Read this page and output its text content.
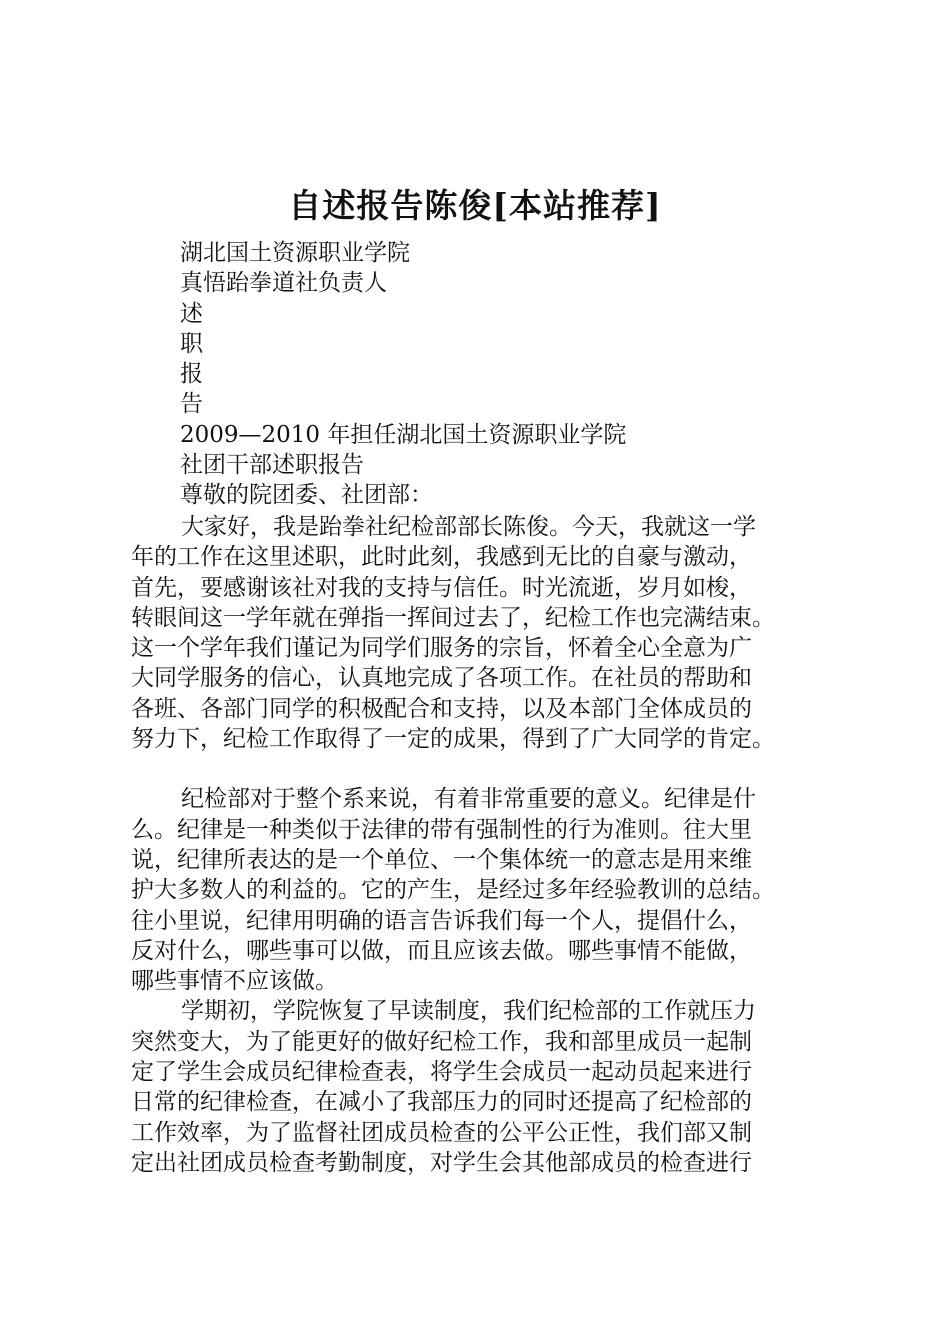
自述报告陈俊[本站推荐]
湖北国土资源职业学院
真悟跆拳道社负责人
述
职
报
告
2009—2010 年担任湖北国土资源职业学院
社团干部述职报告
尊敬的院团委、社团部：
大家好，我是跆拳社纪检部部长陈俊。今天，我就这一学
年的工作在这里述职，此时此刻，我感到无比的自豪与激动，
首先，要感谢该社对我的支持与信任。时光流逝，岁月如梭，
转眼间这一学年就在弹指一挥间过去了，纪检工作也完满结束。
这一个学年我们谨记为同学们服务的宗旨，怀着全心全意为广
大同学服务的信心，认真地完成了各项工作。在社员的帮助和
各班、各部门同学的积极配合和支持，以及本部门全体成员的
努力下，纪检工作取得了一定的成果，得到了广大同学的肯定。
纪检部对于整个系来说，有着非常重要的意义。纪律是什
么。纪律是一种类似于法律的带有强制性的行为准则。往大里
说，纪律所表达的是一个单位、一个集体统一的意志是用来维
护大多数人的利益的。它的产生，是经过多年经验教训的总结。
往小里说，纪律用明确的语言告诉我们每一个人，提倡什么，
反对什么，哪些事可以做，而且应该去做。哪些事情不能做，
哪些事情不应该做。
学期初，学院恢复了早读制度，我们纪检部的工作就压力
突然变大，为了能更好的做好纪检工作，我和部里成员一起制
定了学生会成员纪律检查表，将学生会成员一起动员起来进行
日常的纪律检查，在减小了我部压力的同时还提高了纪检部的
工作效率，为了监督社团成员检查的公平公正性，我们部又制
定出社团成员检查考勤制度，对学生会其他部成员的检查进行
